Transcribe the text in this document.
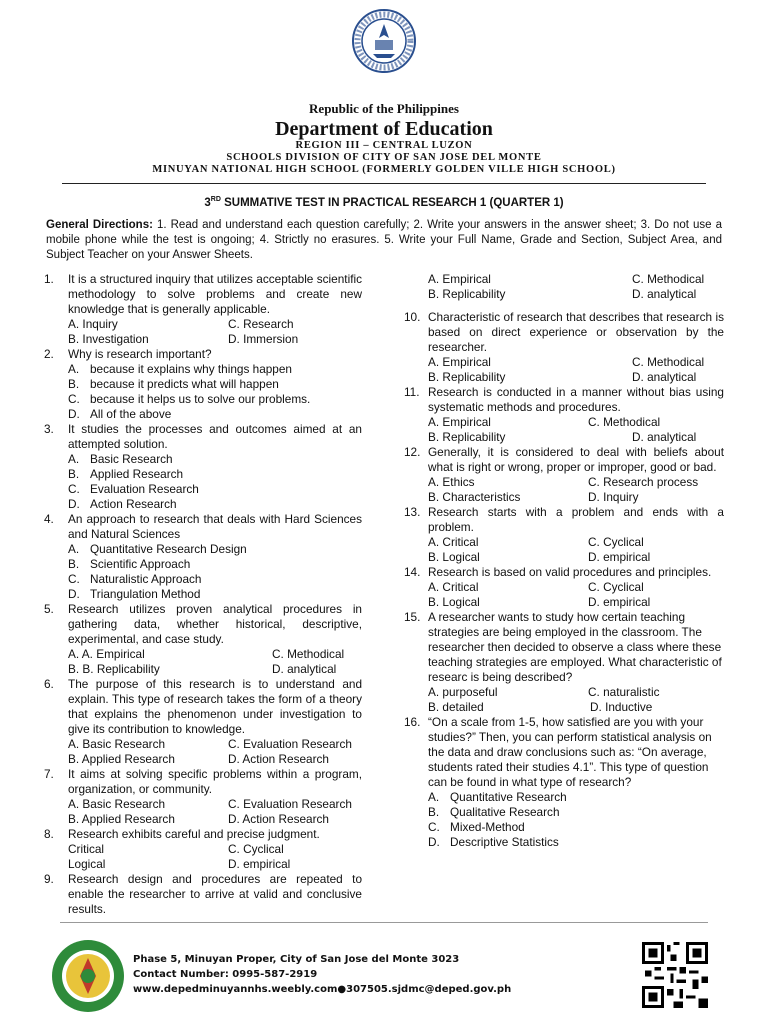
Republic of the Philippines
Department of Education
REGION III – CENTRAL LUZON
SCHOOLS DIVISION OF CITY OF SAN JOSE DEL MONTE
MINUYAN NATIONAL HIGH SCHOOL (FORMERLY GOLDEN VILLE HIGH SCHOOL)
3RD SUMMATIVE TEST IN PRACTICAL RESEARCH 1 (QUARTER 1)
General Directions: 1. Read and understand each question carefully; 2. Write your answers in the answer sheet; 3. Do not use a mobile phone while the test is ongoing; 4. Strictly no erasures. 5. Write your Full Name, Grade and Section, Subject Area, and Subject Teacher on your Answer Sheets.
1.	It is a structured inquiry that utilizes acceptable scientific methodology to solve problems and create new knowledge that is generally applicable.
A. Inquiry	C. Research
B. Investigation	D. Immersion
2.	Why is research important?
A. because it explains why things happen
B. because it predicts what will happen
C. because it helps us to solve our problems.
D. All of the above
3.	It studies the processes and outcomes aimed at an attempted solution.
A. Basic Research
B. Applied Research
C. Evaluation Research
D. Action Research
4.	An approach to research that deals with Hard Sciences and Natural Sciences
A. Quantitative Research Design
B. Scientific Approach
C. Naturalistic Approach
D. Triangulation Method
5.	Research utilizes proven analytical procedures in gathering data, whether historical, descriptive, experimental, and case study.
A. A. Empirical	C. Methodical
B. B. Replicability	D. analytical
6.	The purpose of this research is to understand and explain. This type of research takes the form of a theory that explains the phenomenon under investigation to give its contribution to knowledge.
A. Basic Research	C. Evaluation Research
B. Applied Research	D. Action Research
7.	It aims at solving specific problems within a program, organization, or community.
A. Basic Research	C. Evaluation Research
B. Applied Research	D. Action Research
8.	Research exhibits careful and precise judgment.
Critical	C. Cyclical
Logical	D. empirical
9.	Research design and procedures are repeated to enable the researcher to arrive at valid and conclusive results.
A. Empirical	C. Methodical
B. Replicability	D. analytical
10. Characteristic of research that describes that research is based on direct experience or observation by the researcher.
A. Empirical	C. Methodical
B. Replicability	D. analytical
11. Research is conducted in a manner without bias using systematic methods and procedures.
A. Empirical	C. Methodical
B. Replicability	D. analytical
12. Generally, it is considered to deal with beliefs about what is right or wrong, proper or improper, good or bad.
A. Ethics	C. Research process
B. Characteristics	D. Inquiry
13. Research starts with a problem and ends with a problem.
A. Critical	C. Cyclical
B. Logical	D. empirical
14. Research is based on valid procedures and principles.
A. Critical	C. Cyclical
B. Logical	D. empirical
15. A researcher wants to study how certain teaching strategies are being employed in the classroom. The researcher then decided to observe a class where these teaching strategies are employed. What characteristic of researc is being described?
A. purposeful	C. naturalistic
B. detailed	D. Inductive
16. “On a scale from 1-5, how satisfied are you with your studies?” Then, you can perform statistical analysis on the data and draw conclusions such as: “On average, students rated their studies 4.1”. This type of question can be found in what type of research?
A. Quantitative Research
B. Qualitative Research
C. Mixed-Method
D. Descriptive Statistics
Phase 5, Minuyan Proper, City of San Jose del Monte 3023
Contact Number: 0995-587-2919
www.depedminuyannhs.weebly.com●307505.sjdmc@deped.gov.ph
